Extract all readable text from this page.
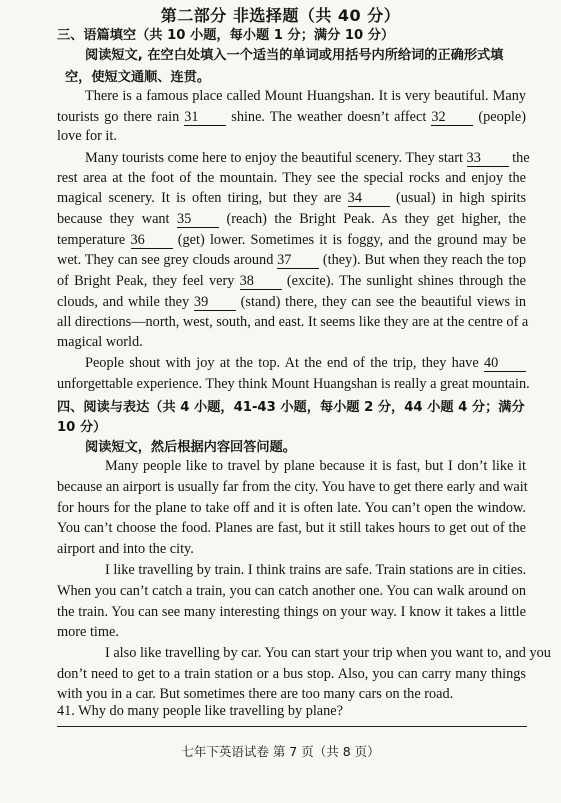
第二部分 非选择题（共 40 分）
三、语篇填空（共 10 小题，每小题 1 分；满分 10 分）
阅读短文, 在空白处填入一个适当的单词或用括号内所给词的正确形式填
空，使短文通顺、连贯。
There is a famous place called Mount Huangshan. It is very beautiful. Many
tourists go there rain 31 shine. The weather doesn’t affect 32 (people)
love for it.
Many tourists come here to enjoy the beautiful scenery. They start 33 the
rest area at the foot of the mountain. They see the special rocks and enjoy the
magical scenery. It is often tiring, but they are 34 (usual) in high spirits
because they want 35 (reach) the Bright Peak. As they get higher, the
temperature 36 (get) lower. Sometimes it is foggy, and the ground may be
wet. They can see grey clouds around 37 (they). But when they reach the top
of Bright Peak, they feel very 38 (excite). The sunlight shines through the
clouds, and while they 39 (stand) there, they can see the beautiful views in
all directions—north, west, south, and east. It seems like they are at the centre of a
magical world.
People shout with joy at the top. At the end of the trip, they have 40
unforgettable experience. They think Mount Huangshan is really a great mountain.
四、阅读与表达（共 4 小题，41-43 小题，每小题 2 分，44 小题 4 分；满分
10 分）
阅读短文，然后根据内容回答问题。
Many people like to travel by plane because it is fast, but I don’t like it
because an airport is usually far from the city. You have to get there early and wait
for hours for the plane to take off and it is often late. You can’t open the window.
You can’t choose the food. Planes are fast, but it still takes hours to get out of the
airport and into the city.
I like travelling by train. I think trains are safe. Train stations are in cities.
When you can’t catch a train, you can catch another one. You can walk around on
the train. You can see many interesting things on your way. I know it takes a little
more time.
I also like travelling by car. You can start your trip when you want to, and you
don’t need to get to a train station or a bus stop. Also, you can carry many things
with you in a car. But sometimes there are too many cars on the road.
41. Why do many people like travelling by plane?
七年下英语试卷 第 7 页（共 8 页）
